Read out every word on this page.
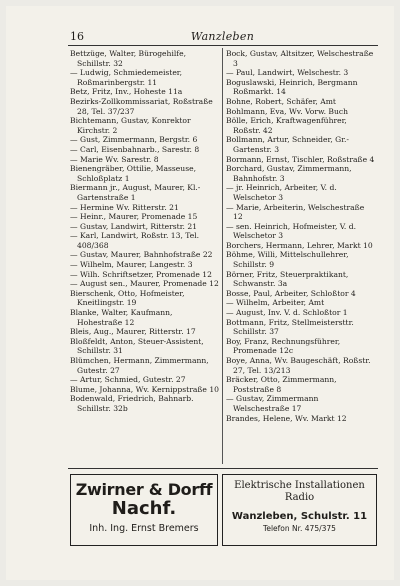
16	Wanzleben

Bettzüge, Walter, Bürogehilfe, Schillstr. 32

— Ludwig, Schmiedemeister, Roßmarinbergstr. 11

Betz, Fritz, Inv., Hoheste 11a

Bezirks-Zollkommissariat, Roßstraße 28, Tel. 37/237

Bichtemann, Gustav, Konrektor Kirchstr. 2

— Gust, Zimmermann, Bergstr. 6

— Carl, Eisenbahnarb., Sarestr. 8

— Marie Wv. Sarestr. 8

Bienengräber, Ottilie, Masseuse, Schloßplatz 1

Biermann jr., August, Maurer, Kl.-Gartenstraße 1

— Hermine Wv. Ritterstr. 21

— Heinr., Maurer, Promenade 15

— Gustav, Landwirt, Ritterstr. 21

— Karl, Landwirt, Roßstr. 13, Tel. 408/368

— Gustav, Maurer, Bahnhofstraße 22

— Wilhelm, Maurer, Langestr. 3

— Wilh. Schriftsetzer, Promenade 12

— August sen., Maurer, Promenade 12

Bierschenk, Otto, Hofmeister, Kneitlingstr. 19

Blanke, Walter, Kaufmann, Hohestraße 12

Bleis, Aug., Maurer, Ritterstr. 17

Bloßfeldt, Anton, Steuer-Assistent, Schillstr. 31

Blümchen, Hermann, Zimmermann, Gutestr. 27

— Artur, Schmied, Gutestr. 27

Blume, Johanna, Wv. Kernippstraße 10

Bodenwald, Friedrich, Bahnarb. Schillstr. 32b

Bock, Gustav, Altsitzer, Welschestraße 3

— Paul, Landwirt, Welschestr. 3

Boguslawski, Heinrich, Bergmann Roßmarkt. 14

Bohne, Robert, Schäfer, Amt

Bohlmann, Eva, Wv. Vorw. Buch

Bölle, Erich, Kraftwagenführer, Roßstr. 42

Bollmann, Artur, Schneider, Gr.-Gartenstr. 3

Bormann, Ernst, Tischler, Roßstraße 4

Borchard, Gustav, Zimmermann, Bahnhofstr. 3

— jr. Heinrich, Arbeiter, V. d. Welschetor 3

— Marie, Arbeiterin, Welschestraße 12

— sen. Heinrich, Hofmeister, V. d. Welschetor 3

Borchers, Hermann, Lehrer, Markt 10

Böhme, Willi, Mittelschullehrer, Schillstr. 9

Börner, Fritz, Steuerpraktikant, Schwanstr. 3a

Bosse, Paul, Arbeiter, Schloßtor 4

— Wilhelm, Arbeiter, Amt

— August, Inv. V. d. Schloßtor 1

Bottmann, Fritz, Stellmeistersttr. Schillstr. 37

Boy, Franz, Rechnungsführer, Promenade 12c

Boye, Anna, Wv. Baugeschäft, Roßstr. 27, Tel. 13/213

Bräcker, Otto, Zimmermann, Poststraße 8

— Gustav, Zimmermann Welschestraße 17

Brandes, Helene, Wv. Markt 12

Zwirner & Dorff
Nachf.
Inh. Ing. Ernst Bremers
Elektrische Installationen
Radio
Wanzleben, Schulstr. 11
Telefon Nr. 475/375
